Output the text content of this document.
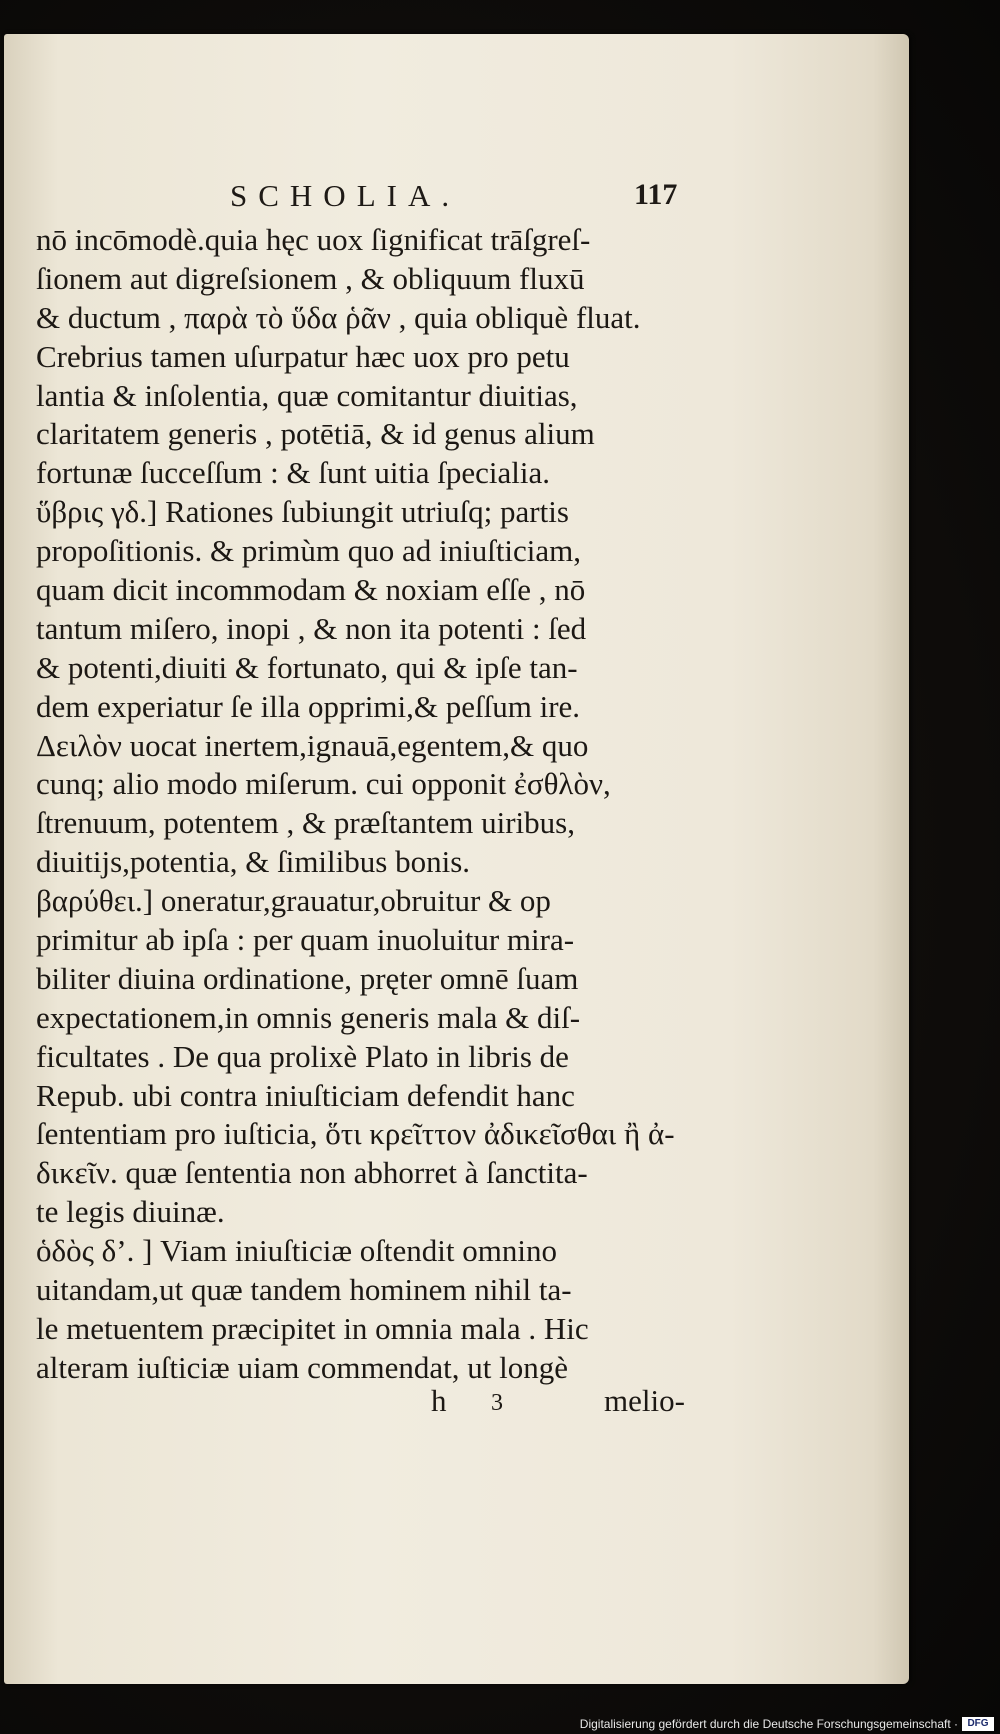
SCHOLIA.	117
nō incōmodè.quia hęc uox ſignificat trāſgreſ-
ſionem aut digreſsionem , & obliquum fluxū
& ductum , παρὰ τὸ ὕδα ῥᾶν , quia obliquè fluat.
Crebrius tamen uſurpatur hæc uox pro petu
lantia & inſolentia, quæ comitantur diuitias,
claritatem generis , potētiā, & id genus alium
fortunæ ſucceſſum : & ſunt uitia ſpecialia.
ὕβρις γδ.] Rationes ſubiungit utriuſq; partis
propoſitionis. & primùm quo ad iniuſticiam,
quam dicit incommodam & noxiam eſſe , nō
tantum miſero, inopi , & non ita potenti : ſed
& potenti,diuiti & fortunato, qui & ipſe tan-
dem experiatur ſe illa opprimi,& peſſum ire.
Δειλὸν uocat inertem,ignauā,egentem,& quo
cunq; alio modo miſerum. cui opponit ἐσθλὸν,
ſtrenuum, potentem , & præſtantem uiribus,
diuitijs,potentia, & ſimilibus bonis.
βαρύθει.] oneratur,grauatur,obruitur & op
primitur ab ipſa : per quam inuoluitur mira-
biliter diuina ordinatione, pręter omnē ſuam
expectationem,in omnis generis mala & diſ-
ficultates . De qua prolixè Plato in libris de
Repub. ubi contra iniuſticiam defendit hanc
ſententiam pro iuſticia, ὅτι κρεῖττον ἀδικεῖσθαι ἢ ἀ-
δικεῖν. quæ ſententia non abhorret à ſanctita-
te legis diuinæ.
ὁδὸς δ’. ] Viam iniuſticiæ oſtendit omnino
uitandam,ut quæ tandem hominem nihil ta-
le metuentem præcipitet in omnia mala . Hic
alteram iuſticiæ uiam commendat, ut longè
h 3	melio-
Digitalisierung gefördert durch die Deutsche Forschungsgemeinschaft · DFG
